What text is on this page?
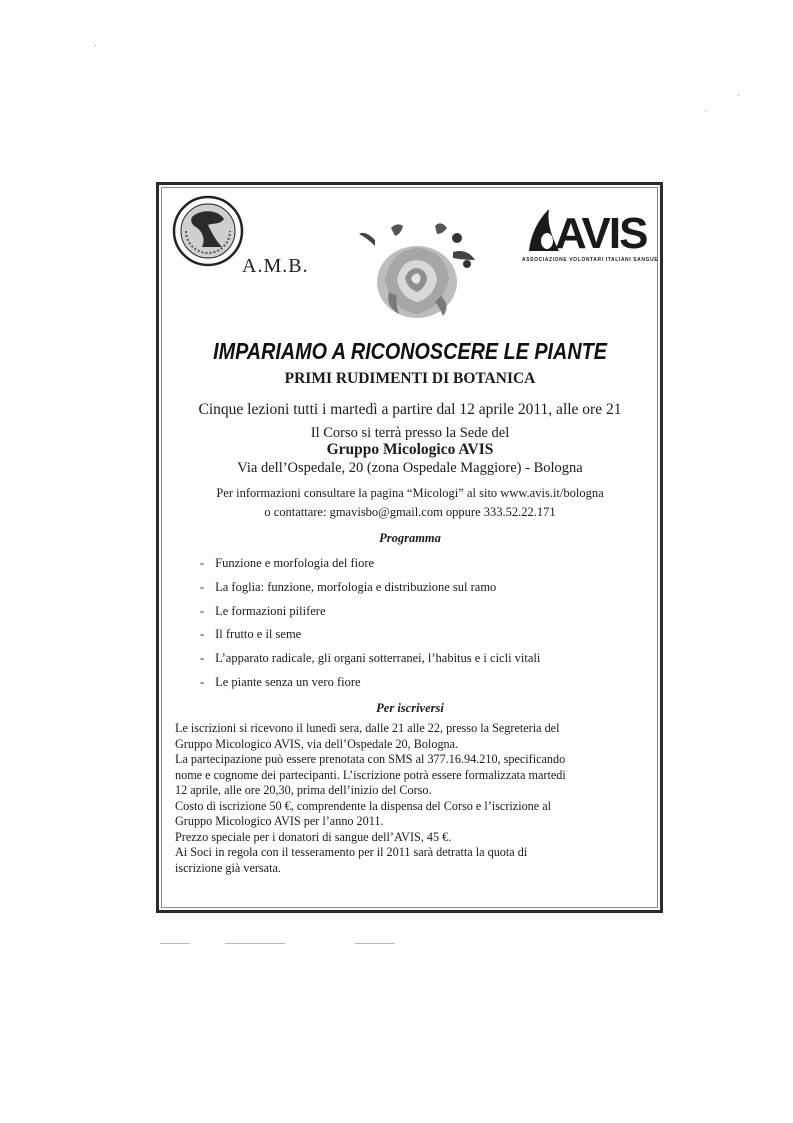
A.M.B.
AVIS
ASSOCIAZIONE VOLONTARI ITALIANI SANGUE
IMPARIAMO A RICONOSCERE LE PIANTE
PRIMI RUDIMENTI DI BOTANICA
Cinque lezioni tutti i martedì a partire dal 12 aprile 2011, alle ore 21
Il Corso si terrà presso la Sede del
Gruppo Micologico AVIS
Via dell’Ospedale, 20 (zona Ospedale Maggiore) - Bologna
Per informazioni consultare la pagina “Micologi” al sito www.avis.it/bologna
o contattare: gmavisbo@gmail.com oppure 333.52.22.171
Programma
- Funzione e morfologia del fiore
- La foglia: funzione, morfologia e distribuzione sul ramo
- Le formazioni pilifere
- Il frutto e il seme
- L’apparato radicale, gli organi sotterranei, l’habitus e i cicli vitali
- Le piante senza un vero fiore
Per iscriversi

Le iscrizioni si ricevono il lunedì sera, dalle 21 alle 22, presso la Segreteria del

Gruppo Micologico AVIS, via dell’Ospedale 20, Bologna.

La partecipazione può essere prenotata con SMS al 377.16.94.210, specificando

nome e cognome dei partecipanti. L’iscrizione potrà essere formalizzata martedì

12 aprile, alle ore 20,30, prima dell’inizio del Corso.

Costo di iscrizione 50 €, comprendente la dispensa del Corso e l’iscrizione al

Gruppo Micologico AVIS per l’anno 2011.

Prezzo speciale per i donatori di sangue dell’AVIS, 45 €.

Ai Soci in regola con il tesseramento per il 2011 sarà detratta la quota di

iscrizione già versata.
